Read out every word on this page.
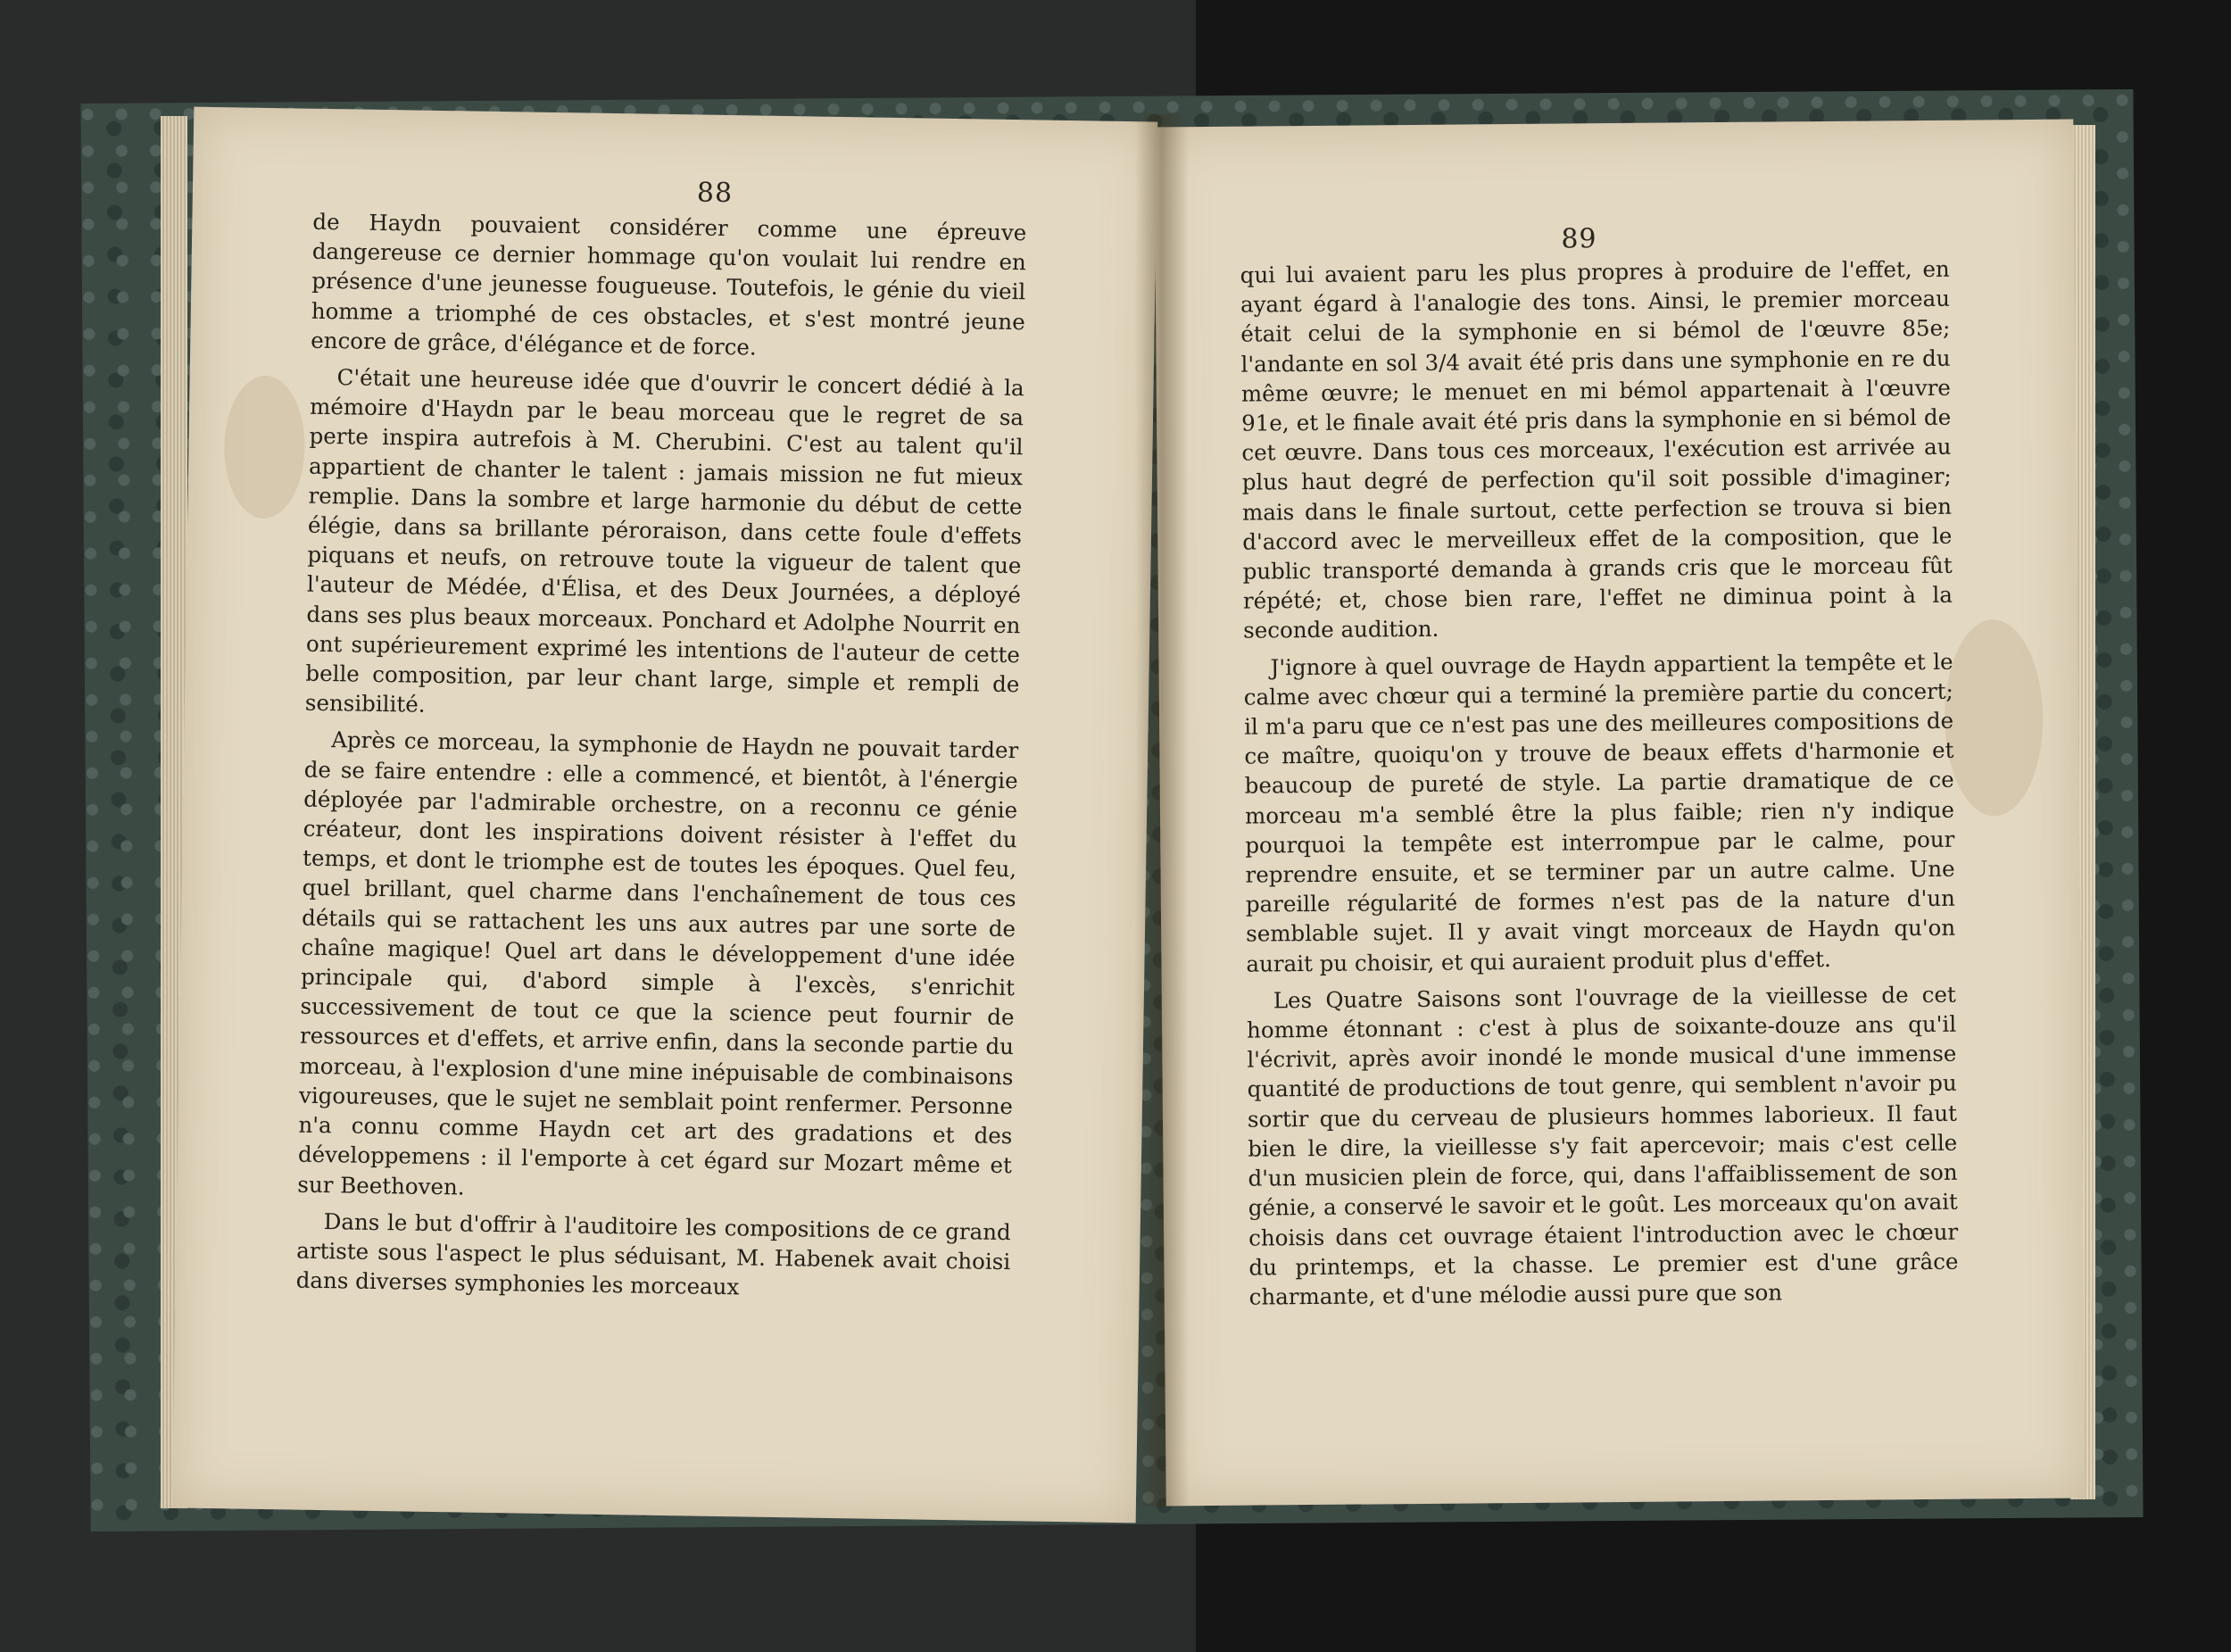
88

de Haydn pouvaient considérer comme une épreuve dangereuse ce dernier hommage qu'on voulait lui rendre en présence d'une jeunesse fougueuse. Toutefois, le génie du vieil homme a triomphé de ces obstacles, et s'est montré jeune encore de grâce, d'élégance et de force.

C'était une heureuse idée que d'ouvrir le concert dédié à la mémoire d'Haydn par le beau morceau que le regret de sa perte inspira autrefois à M. Cherubini. C'est au talent qu'il appartient de chanter le talent : jamais mission ne fut mieux remplie. Dans la sombre et large harmonie du début de cette élégie, dans sa brillante péroraison, dans cette foule d'effets piquans et neufs, on retrouve toute la vigueur de talent que l'auteur de Médée, d'Élisa, et des Deux Journées, a déployé dans ses plus beaux morceaux. Ponchard et Adolphe Nourrit en ont supérieurement exprimé les intentions de l'auteur de cette belle composition, par leur chant large, simple et rempli de sensibilité.

Après ce morceau, la symphonie de Haydn ne pouvait tarder de se faire entendre : elle a commencé, et bientôt, à l'énergie déployée par l'admirable orchestre, on a reconnu ce génie créateur, dont les inspirations doivent résister à l'effet du temps, et dont le triomphe est de toutes les époques. Quel feu, quel brillant, quel charme dans l'enchaînement de tous ces détails qui se rattachent les uns aux autres par une sorte de chaîne magique! Quel art dans le développement d'une idée principale qui, d'abord simple à l'excès, s'enrichit successivement de tout ce que la science peut fournir de ressources et d'effets, et arrive enfin, dans la seconde partie du morceau, à l'explosion d'une mine inépuisable de combinaisons vigoureuses, que le sujet ne semblait point renfermer. Personne n'a connu comme Haydn cet art des gradations et des développemens : il l'emporte à cet égard sur Mozart même et sur Beethoven.

Dans le but d'offrir à l'auditoire les compositions de ce grand artiste sous l'aspect le plus séduisant, M. Habenek avait choisi dans diverses symphonies les morceaux

89

qui lui avaient paru les plus propres à produire de l'effet, en ayant égard à l'analogie des tons. Ainsi, le premier morceau était celui de la symphonie en si bémol de l'œuvre 85e; l'andante en sol 3/4 avait été pris dans une symphonie en re du même œuvre; le menuet en mi bémol appartenait à l'œuvre 91e, et le finale avait été pris dans la symphonie en si bémol de cet œuvre. Dans tous ces morceaux, l'exécution est arrivée au plus haut degré de perfection qu'il soit possible d'imaginer; mais dans le finale surtout, cette perfection se trouva si bien d'accord avec le merveilleux effet de la composition, que le public transporté demanda à grands cris que le morceau fût répété; et, chose bien rare, l'effet ne diminua point à la seconde audition.

J'ignore à quel ouvrage de Haydn appartient la tempête et le calme avec chœur qui a terminé la première partie du concert; il m'a paru que ce n'est pas une des meilleures compositions de ce maître, quoiqu'on y trouve de beaux effets d'harmonie et beaucoup de pureté de style. La partie dramatique de ce morceau m'a semblé être la plus faible; rien n'y indique pourquoi la tempête est interrompue par le calme, pour reprendre ensuite, et se terminer par un autre calme. Une pareille régularité de formes n'est pas de la nature d'un semblable sujet. Il y avait vingt morceaux de Haydn qu'on aurait pu choisir, et qui auraient produit plus d'effet.

Les Quatre Saisons sont l'ouvrage de la vieillesse de cet homme étonnant : c'est à plus de soixante-douze ans qu'il l'écrivit, après avoir inondé le monde musical d'une immense quantité de productions de tout genre, qui semblent n'avoir pu sortir que du cerveau de plusieurs hommes laborieux. Il faut bien le dire, la vieillesse s'y fait apercevoir; mais c'est celle d'un musicien plein de force, qui, dans l'affaiblissement de son génie, a conservé le savoir et le goût. Les morceaux qu'on avait choisis dans cet ouvrage étaient l'introduction avec le chœur du printemps, et la chasse. Le premier est d'une grâce charmante, et d'une mélodie aussi pure que son
